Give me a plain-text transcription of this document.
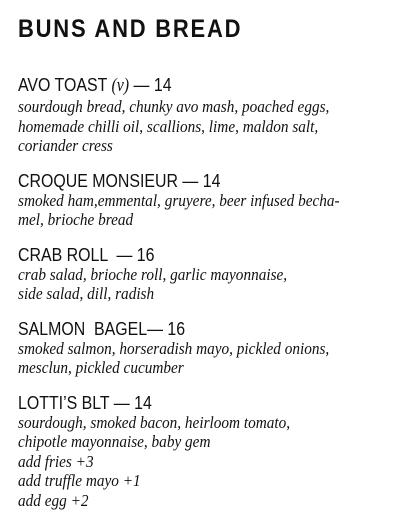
BUNS AND BREAD
AVO TOAST (v) — 14
sourdough bread, chunky avo mash, poached eggs,
homemade chilli oil, scallions, lime, maldon salt,
coriander cress
CROQUE MONSIEUR — 14
smoked ham,emmental, gruyere, beer infused becha-
mel, brioche bread
CRAB ROLL  — 16
crab salad, brioche roll, garlic mayonnaise,
side salad, dill, radish
SALMON  BAGEL— 16
smoked salmon, horseradish mayo, pickled onions,
mesclun, pickled cucumber
LOTTI’S BLT — 14
sourdough, smoked bacon, heirloom tomato,
chipotle mayonnaise, baby gem
add fries +3
add truffle mayo +1
add egg +2
